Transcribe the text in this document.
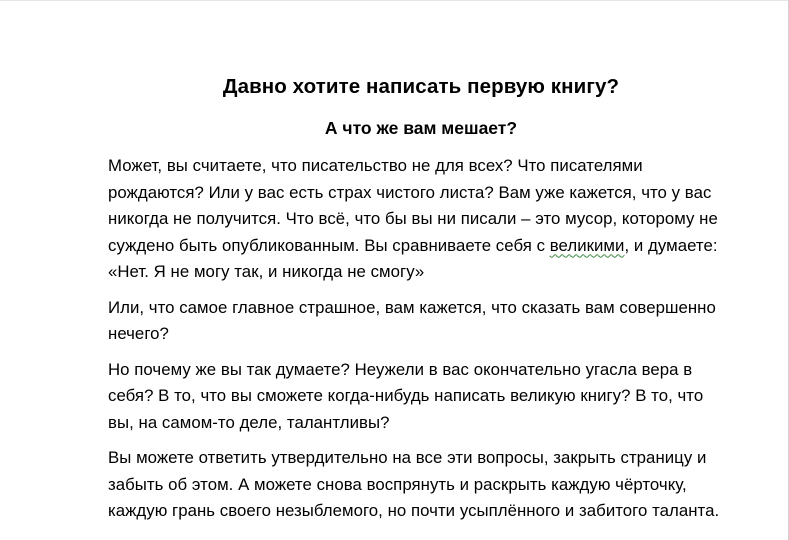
Давно хотите написать первую книгу?
А что же вам мешает?

Может, вы считаете, что писательство не для всех? Что писателями
рождаются? Или у вас есть страх чистого листа? Вам уже кажется, что у вас
никогда не получится. Что всё, что бы вы ни писали – это мусор, которому не
суждено быть опубликованным. Вы сравниваете себя с великими, и думаете:
«Нет. Я не могу так, и никогда не смогу»

Или, что самое главное страшное, вам кажется, что сказать вам совершенно
нечего?

Но почему же вы так думаете? Неужели в вас окончательно угасла вера в
себя? В то, что вы сможете когда-нибудь написать великую книгу? В то, что
вы, на самом-то деле, талантливы?

Вы можете ответить утвердительно на все эти вопросы, закрыть страницу и
забыть об этом. А можете снова воспрянуть и раскрыть каждую чёрточку,
каждую грань своего незыблемого, но почти усыплённого и забитого таланта.
